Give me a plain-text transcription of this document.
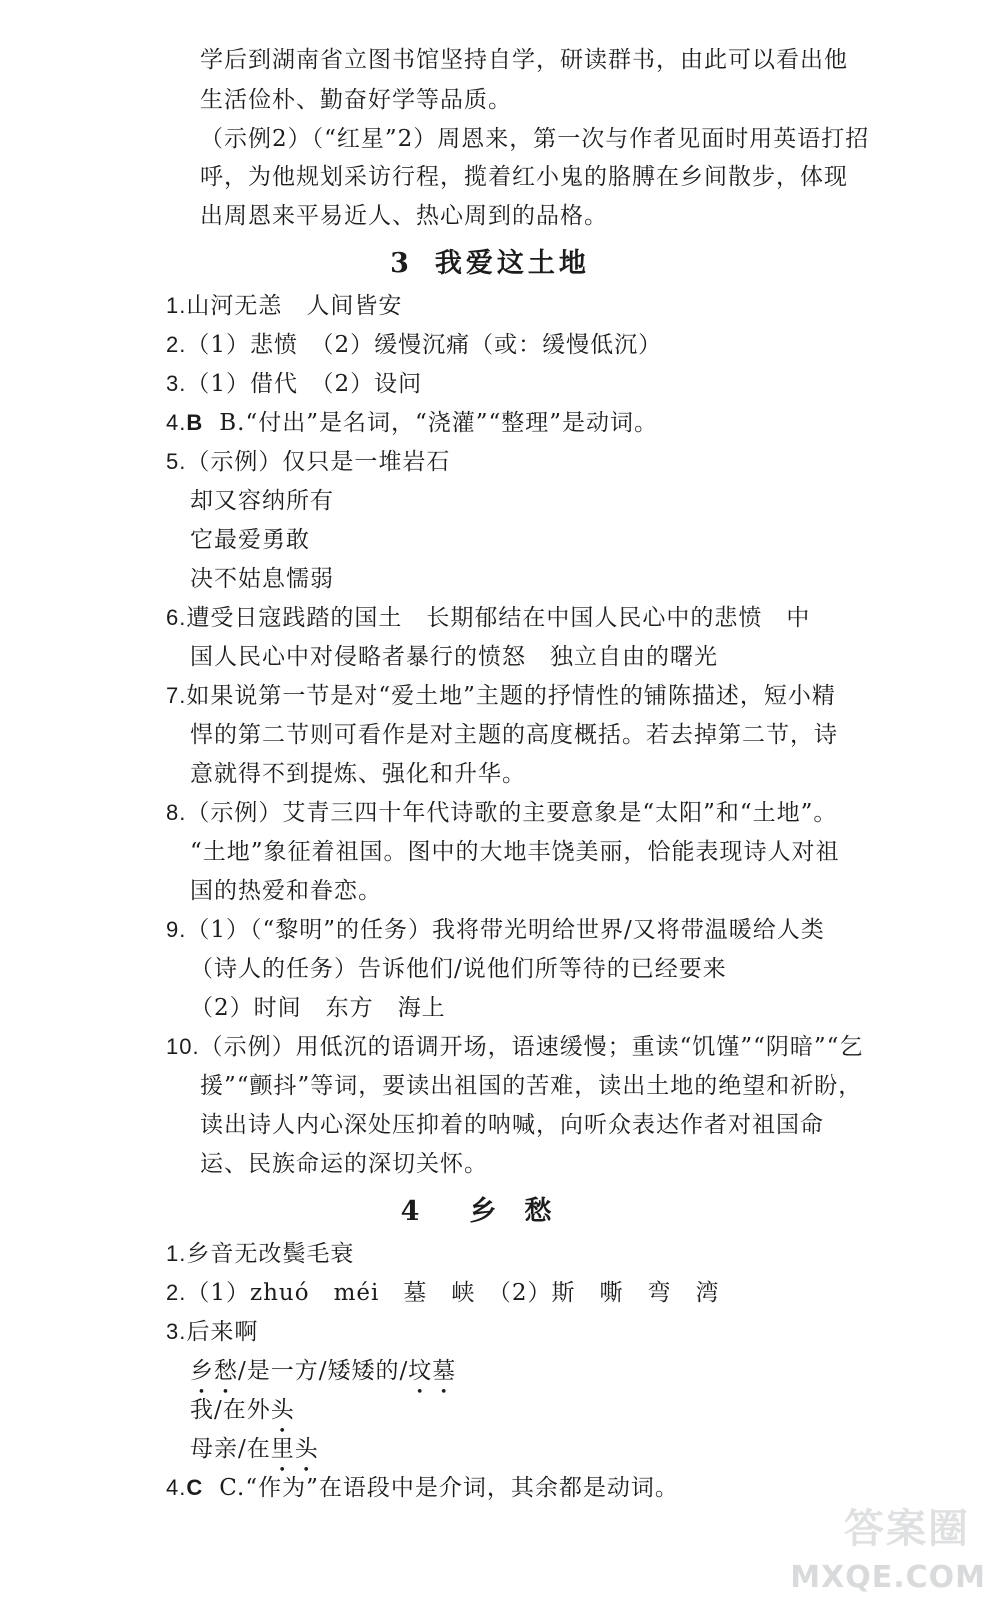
学后到湖南省立图书馆坚持自学，研读群书，由此可以看出他
生活俭朴、勤奋好学等品质。
（示例2）（“红星”2）周恩来，第一次与作者见面时用英语打招
呼，为他规划采访行程，揽着红小鬼的胳膊在乡间散步，体现
出周恩来平易近人、热心周到的品格。
3 我爱这土地
1.山河无恙　人间皆安
2.（1）悲愤　（2）缓慢沉痛（或：缓慢低沉）
3.（1）借代　（2）设问
4.B B.“付出”是名词，“浇灌”“整理”是动词。
5.（示例）仅只是一堆岩石
却又容纳所有
它最爱勇敢
决不姑息懦弱
6.遭受日寇践踏的国土　长期郁结在中国人民心中的悲愤　中
国人民心中对侵略者暴行的愤怒　独立自由的曙光
7.如果说第一节是对“爱土地”主题的抒情性的铺陈描述，短小精
悍的第二节则可看作是对主题的高度概括。若去掉第二节，诗
意就得不到提炼、强化和升华。
8.（示例）艾青三四十年代诗歌的主要意象是“太阳”和“土地”。
“土地”象征着祖国。图中的大地丰饶美丽，恰能表现诗人对祖
国的热爱和眷恋。
9.（1）（“黎明”的任务）我将带光明给世界/又将带温暖给人类
（诗人的任务）告诉他们/说他们所等待的已经要来
（2）时间　东方　海上
10.（示例）用低沉的语调开场，语速缓慢；重读“饥馑”“阴暗”“乞
援”“颤抖”等词，要读出祖国的苦难，读出土地的绝望和祈盼，
读出诗人内心深处压抑着的呐喊，向听众表达作者对祖国命
运、民族命运的深切关怀。
4 乡愁
1.乡音无改鬓毛衰
2.（1）zhuó　méi　墓　峡　（2）斯　嘶　弯　湾
3.后来啊
乡愁/是一方/矮矮的/坟墓
我/在外头
母亲/在里头
4.C C.“作为”在语段中是介词，其余都是动词。
答案圈
MXQE.COM
